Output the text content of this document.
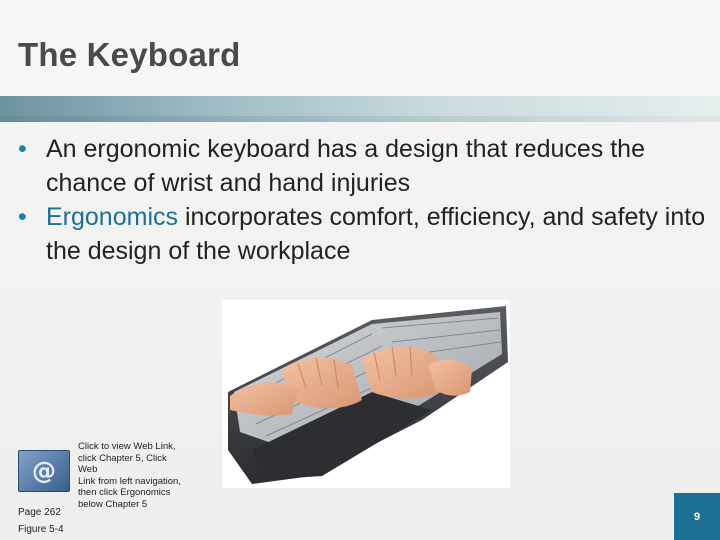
The Keyboard
• An ergonomic keyboard has a design that reduces the chance of wrist and hand injuries
• Ergonomics incorporates comfort, efficiency, and safety into the design of the workplace
@
Page 262
Figure 5-4
Click to view Web Link,
click Chapter 5, Click
Web
Link from left navigation,
then click Ergonomics
below Chapter 5
9
